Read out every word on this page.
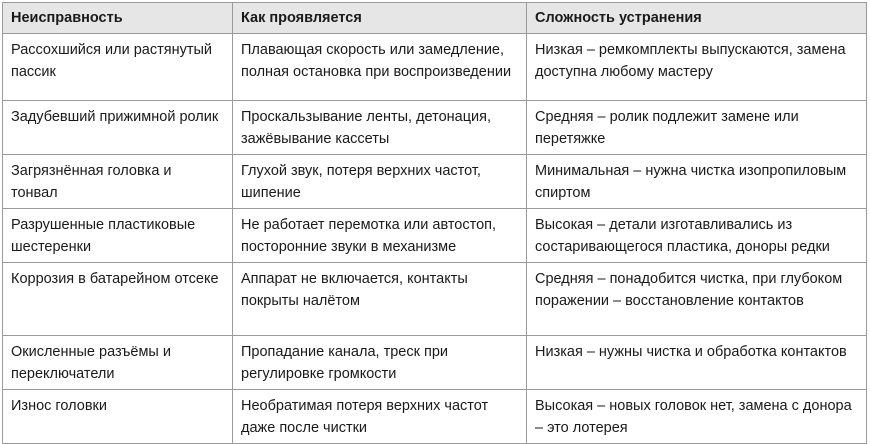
Неисправность	Как проявляется	Сложность устранения
Рассохшийся или растянутый пассик	Плавающая скорость или замедление, полная остановка при воспроизведении	Низкая – ремкомплекты выпускаются, замена доступна любому мастеру
Задубевший прижимной ролик	Проскальзывание ленты, детонация, зажёвывание кассеты	Средняя – ролик подлежит замене или перетяжке
Загрязнённая головка и тонвал	Глухой звук, потеря верхних частот, шипение	Минимальная – нужна чистка изопропиловым спиртом
Разрушенные пластиковые шестеренки	Не работает перемотка или автостоп, посторонние звуки в механизме	Высокая – детали изготавливались из состаривающегося пластика, доноры редки
Коррозия в батарейном отсеке	Аппарат не включается, контакты покрыты налётом	Средняя – понадобится чистка, при глубоком поражении – восстановление контактов
Окисленные разъёмы и переключатели	Пропадание канала, треск при регулировке громкости	Низкая – нужны чистка и обработка контактов
Износ головки	Необратимая потеря верхних частот даже после чистки	Высокая – новых головок нет, замена с донора – это лотерея
